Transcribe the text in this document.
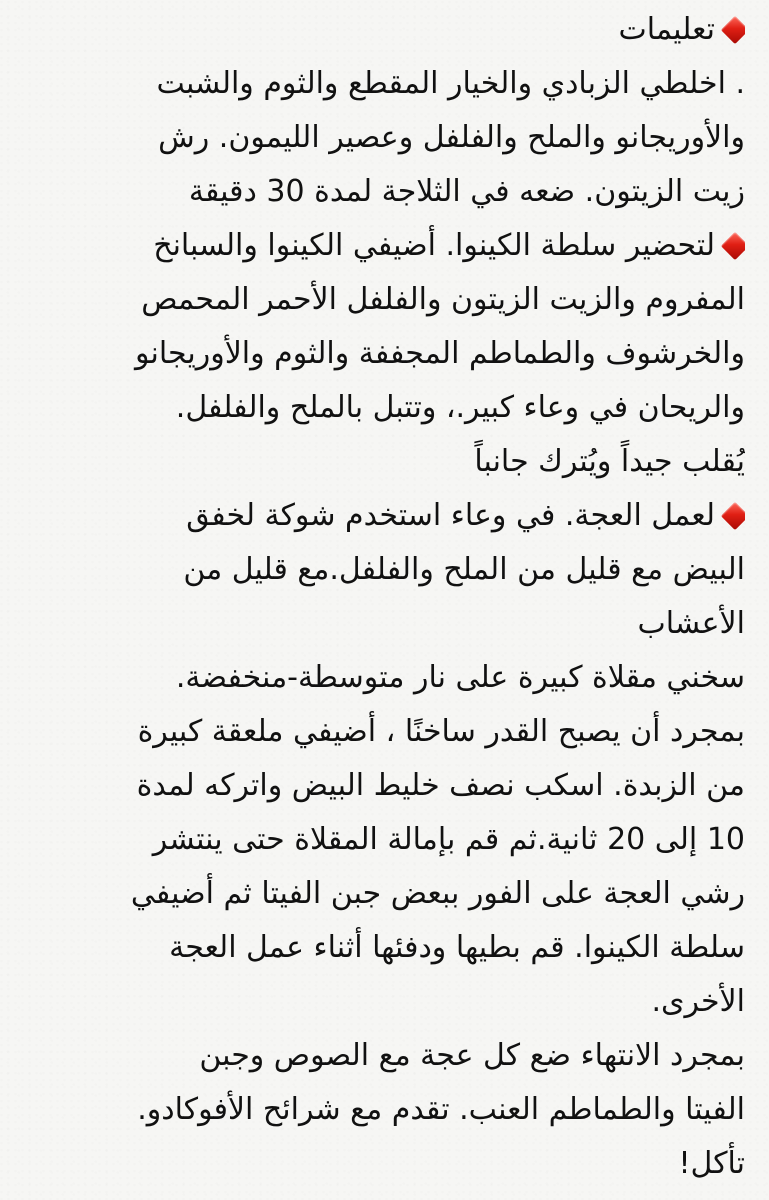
تعليمات
. اخلطي الزبادي والخيار المقطع والثوم والشبت
والأوريجانو والملح والفلفل وعصير الليمون. رش
زيت الزيتون. ضعه في الثلاجة لمدة 30 دقيقة
لتحضير سلطة الكينوا. أضيفي الكينوا والسبانخ
المفروم والزيت الزيتون والفلفل الأحمر المحمص
والخرشوف والطماطم المجففة والثوم والأوريجانو
والريحان في وعاء كبير.، وتتبل بالملح والفلفل.
يُقلب جيداً ويُترك جانباً
لعمل العجة. في وعاء استخدم شوكة لخفق
البيض مع قليل من الملح والفلفل.مع قليل من
الأعشاب
سخني مقلاة كبيرة على نار متوسطة-منخفضة.
بمجرد أن يصبح القدر ساخنًا ، أضيفي ملعقة كبيرة
من الزبدة. اسكب نصف خليط البيض واتركه لمدة
10 إلى 20 ثانية.ثم قم بإمالة المقلاة حتى ينتشر
رشي العجة على الفور ببعض جبن الفيتا ثم أضيفي
سلطة الكينوا. قم بطيها ودفئها أثناء عمل العجة
الأخرى.
بمجرد الانتهاء ضع كل عجة مع الصوص وجبن
الفيتا والطماطم العنب. تقدم مع شرائح الأفوكادو.
تأكل!
